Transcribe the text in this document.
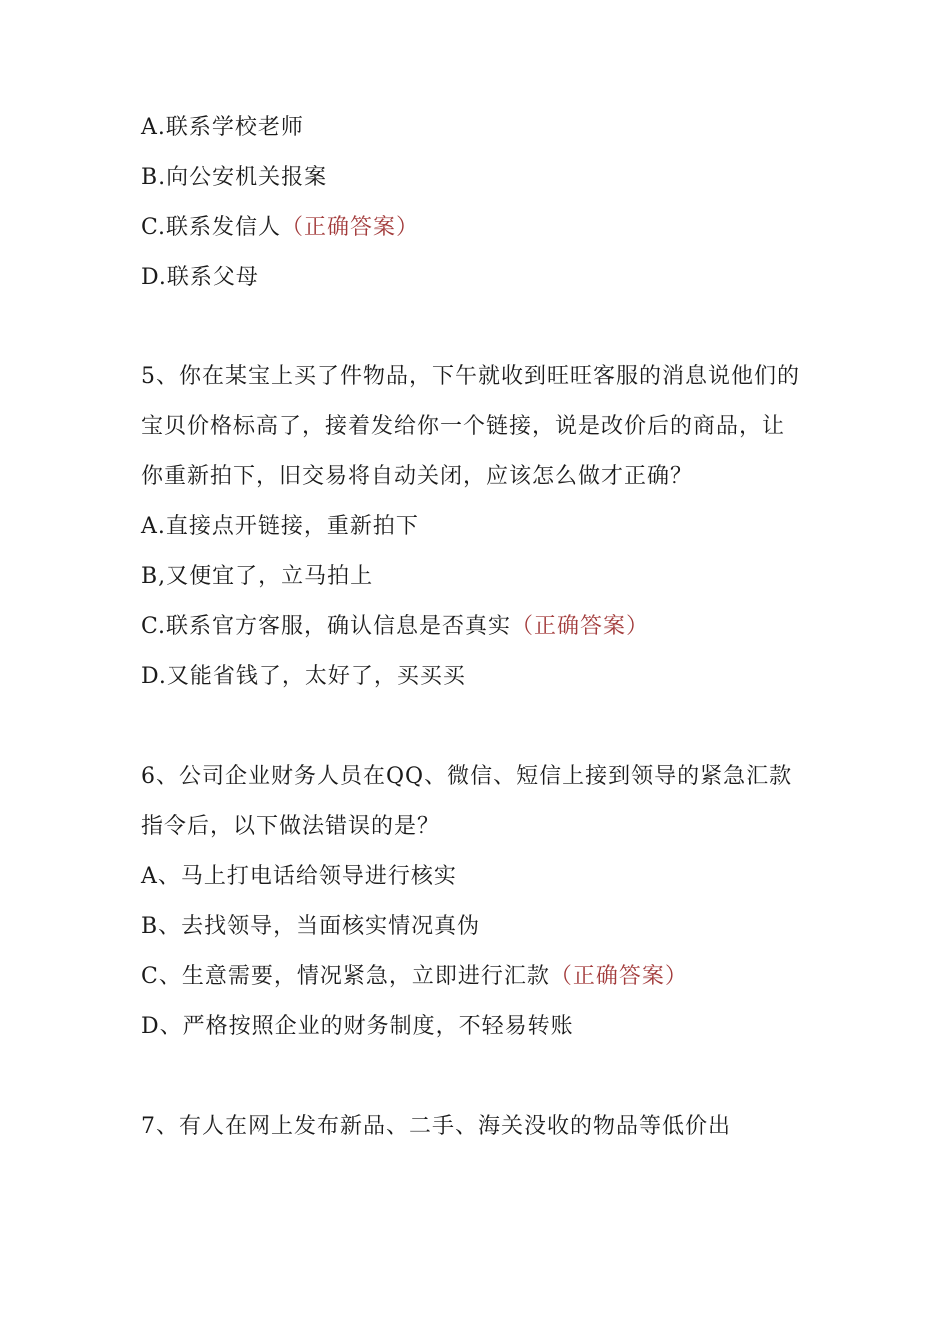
A.联系学校老师
B.向公安机关报案
C.联系发信人（正确答案）
D.联系父母
5、你在某宝上买了件物品，下午就收到旺旺客服的消息说他们的
宝贝价格标高了，接着发给你一个链接，说是改价后的商品，让
你重新拍下，旧交易将自动关闭，应该怎么做才正确？
A.直接点开链接，重新拍下
B,又便宜了，立马拍上
C.联系官方客服，确认信息是否真实（正确答案）
D.又能省钱了，太好了，买买买
6、公司企业财务人员在QQ、微信、短信上接到领导的紧急汇款
指令后，以下做法错误的是？
A、马上打电话给领导进行核实
B、去找领导，当面核实情况真伪
C、生意需要，情况紧急，立即进行汇款（正确答案）
D、严格按照企业的财务制度，不轻易转账
7、有人在网上发布新品、二手、海关没收的物品等低价出
